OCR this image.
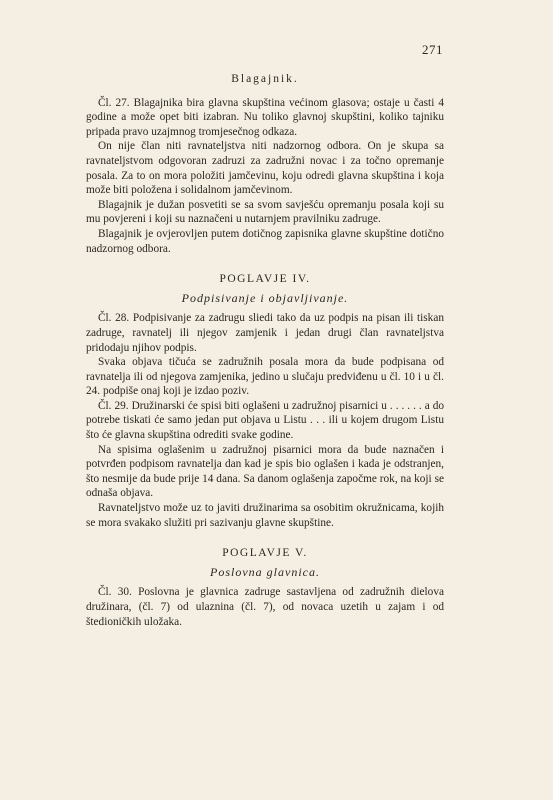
271
Blagajnik.

Čl. 27. Blagajnika bira glavna skupština većinom glasova; ostaje u časti 4 godine a može opet biti izabran. Nu toliko glavnoj skupštini, koliko tajniku pripada pravo uzajmnog tromjesečnog odkaza.

On nije član niti ravnateljstva niti nadzornog odbora. On je skupa sa ravnateljstvom odgovoran zadruzi za zadružni novac i za točno opremanje posala. Za to on mora položiti jamčevinu, koju odredi glavna skupština i koja može biti položena i solidalnom jamčevinom.

Blagajnik je dužan posvetiti se sa svom savješću opremanju posala koji su mu povjereni i koji su naznačeni u nutarnjem pravilniku zadruge.

Blagajnik je ovjerovljen putem dotičnog zapisnika glavne skupštine dotično nadzornog odbora.

POGLAVJE IV.
Podpisivanje i objavljivanje.

Čl. 28. Podpisivanje za zadrugu sliedi tako da uz podpis na pisan ili tiskan zadruge, ravnatelj ili njegov zamjenik i jedan drugi član ravnateljstva pridodaju njihov podpis.

Svaka objava tičuća se zadružnih posala mora da bude podpisana od ravnatelja ili od njegova zamjenika, jedino u slučaju predviđenu u čl. 10 i u čl. 24. podpiše onaj koji je izdao poziv.

Čl. 29. Družinarski će spisi biti oglašeni u zadružnoj pisarnici u . . . . . . a do potrebe tiskati će samo jedan put objava u Listu . . . ili u kojem drugom Listu što će glavna skupština odrediti svake godine.

Na spisima oglašenim u zadružnoj pisarnici mora da bude naznačen i potvrđen podpisom ravnatelja dan kad je spis bio oglašen i kada je odstranjen, što nesmije da bude prije 14 dana. Sa danom oglašenja započme rok, na koji se odnaša objava.

Ravnateljstvo može uz to javiti družinarima sa osobitim okružnicama, kojih se mora svakako služiti pri sazivanju glavne skupštine.

POGLAVJE V.
Poslovna glavnica.

Čl. 30. Poslovna je glavnica zadruge sastavljena od zadružnih dielova družinara, (čl. 7) od ulaznina (čl. 7), od novaca uzetih u zajam i od štedioničkih uložaka.
